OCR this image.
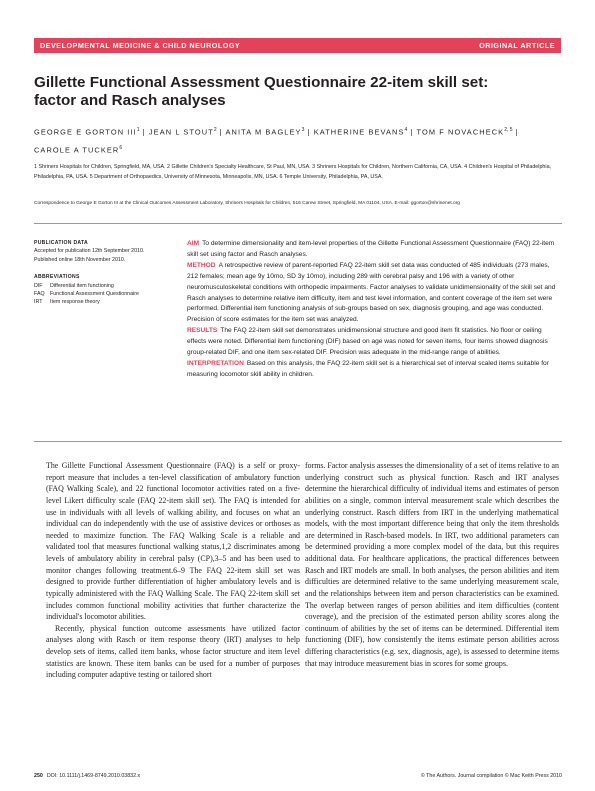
DEVELOPMENTAL MEDICINE & CHILD NEUROLOGY	ORIGINAL ARTICLE
Gillette Functional Assessment Questionnaire 22-item skill set:
factor and Rasch analyses
GEORGE E GORTON III$^1$ | JEAN L STOUT$^2$ | ANITA M BAGLEY$^3$ | KATHERINE BEVANS$^4$ | TOM F NOVACHECK$^{2, 5}$ |
CAROLE A TUCKER$^6$
1 Shriners Hospitals for Children, Springfield, MA, USA. 2 Gillette Children's Specialty Healthcare, St Paul, MN, USA. 3 Shriners Hospitals for Children, Northern California, CA, USA. 4 Children's Hospital of Philadelphia, Philadelphia, PA, USA. 5 Department of Orthopaedics, University of Minnesota, Minneapolis, MN, USA. 6 Temple University, Philadelphia, PA, USA.
Correspondence to George E Gorton III at the Clinical Outcomes Assessment Laboratory, Shriners Hospitals for Children, 516 Carew Street, Springfield, MA 01104, USA. E-mail: ggorton@shrinenet.org
PUBLICATION DATA
Accepted for publication 12th September 2010.
Published online 18th November 2010.
ABBREVIATIONS
DIF	Differential item functioning
FAQ	Functional Assessment Questionnaire
IRT	Item response theory

AIM To determine dimensionality and item-level properties of the Gillette Functional Assessment Questionnaire (FAQ) 22-item skill set using factor and Rasch analyses.

METHOD A retrospective review of parent-reported FAQ 22-item skill set data was conducted of 485 individuals (273 males, 212 females; mean age 9y 10mo, SD 3y 10mo), including 289 with cerebral palsy and 196 with a variety of other neuromusculoskeletal conditions with orthopedic impairments. Factor analyses to validate unidimensionality of the skill set and Rasch analyses to determine relative item difficulty, item and test level information, and content coverage of the item set were performed. Differential item functioning analysis of sub-groups based on sex, diagnosis grouping, and age was conducted. Precision of score estimates for the item set was analyzed.

RESULTS The FAQ 22-item skill set demonstrates unidimensional structure and good item fit statistics. No floor or ceiling effects were noted. Differential item functioning (DIF) based on age was noted for seven items, four items showed diagnosis group-related DIF, and one item sex-related DIF. Precision was adequate in the mid-range range of abilities.

INTERPRETATION Based on this analysis, the FAQ 22-item skill set is a hierarchical set of interval scaled items suitable for measuring locomotor skill ability in children.

The Gillette Functional Assessment Questionnaire (FAQ) is a self or proxy-report measure that includes a ten-level classification of ambulatory function (FAQ Walking Scale), and 22 functional locomotor activities rated on a five-level Likert difficulty scale (FAQ 22-item skill set). The FAQ is intended for use in individuals with all levels of walking ability, and focuses on what an individual can do independently with the use of assistive devices or orthoses as needed to maximize function. The FAQ Walking Scale is a reliable and validated tool that measures functional walking status,1,2 discriminates among levels of ambulatory ability in cerebral palsy (CP),3–5 and has been used to monitor changes following treatment.6–9 The FAQ 22-item skill set was designed to provide further differentiation of higher ambulatory levels and is typically administered with the FAQ Walking Scale. The FAQ 22-item skill set includes common functional mobility activities that further characterize the individual's locomotor abilities.

Recently, physical function outcome assessments have utilized factor analyses along with Rasch or item response theory (IRT) analyses to help develop sets of items, called item banks, whose factor structure and item level statistics are known. These item banks can be used for a number of purposes including computer adaptive testing or tailored short

forms. Factor analysis assesses the dimensionality of a set of items relative to an underlying construct such as physical function. Rasch and IRT analyses determine the hierarchical difficulty of individual items and estimates of person abilities on a single, common interval measurement scale which describes the underlying construct. Rasch differs from IRT in the underlying mathematical models, with the most important difference being that only the item thresholds are determined in Rasch-based models. In IRT, two additional parameters can be determined providing a more complex model of the data, but this requires additional data. For healthcare applications, the practical differences between Rasch and IRT models are small. In both analyses, the person abilities and item difficulties are determined relative to the same underlying measurement scale, and the relationships between item and person characteristics can be examined. The overlap between ranges of person abilities and item difficulties (content coverage), and the precision of the estimated person ability scores along the continuum of abilities by the set of items can be determined. Differential item functioning (DIF), how consistently the items estimate person abilities across differing characteristics (e.g. sex, diagnosis, age), is assessed to determine items that may introduce measurement bias in scores for some groups.

250 DOI: 10.1111/j.1469-8749.2010.03832.x	© The Authors. Journal compilation © Mac Keith Press 2010
